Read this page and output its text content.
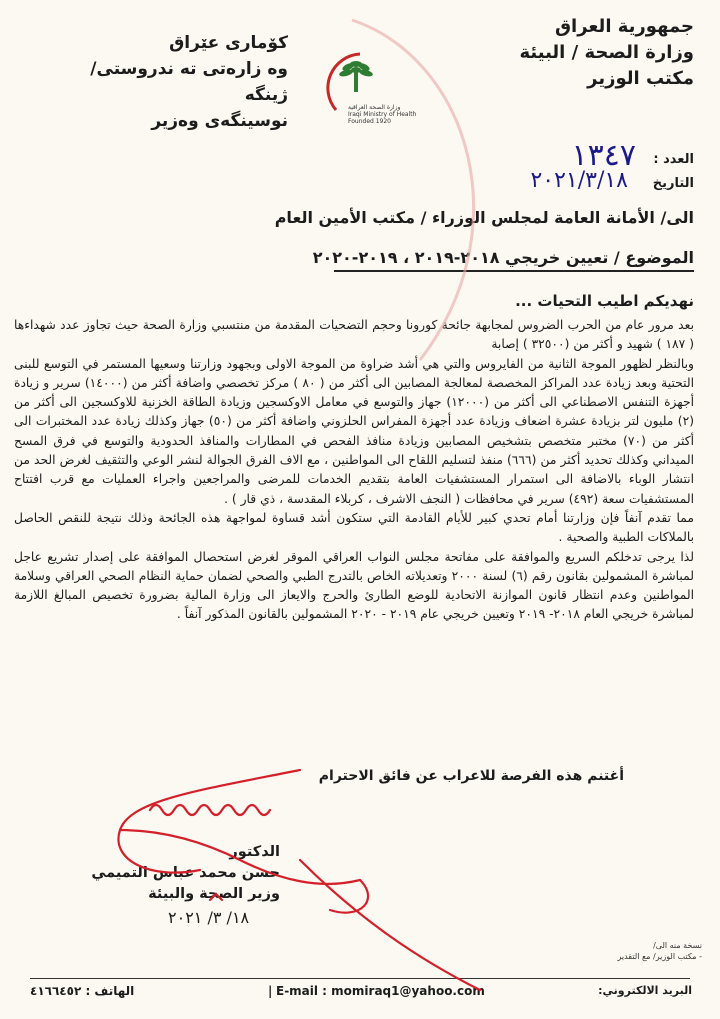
جمهورية العراق
وزارة الصحة / البيئة
مكتب الوزير
کۆماری عێراق
وه زارەتی ته ندروستی/ ژینگه
نوسینگەی وەزیر
وزارة الصحة العراقية
Iraqi Ministry of Health
Founded 1920
العدد :
١٣٤٧
التاريخ
٢٠٢١/٣/١٨
الى/ الأمانة العامة لمجلس الوزراء / مكتب الأمين العام
الموضوع / تعيين خريجي ٢٠١٨-٢٠١٩ ، ٢٠١٩-٢٠٢٠
نهديكم اطيب التحيات ...

بعد مرور عام من الحرب الضروس لمجابهة جائحة كورونا وحجم التضحيات المقدمة من منتسبي وزارة الصحة حيث تجاوز عدد شهداءها ( ١٨٧ ) شهيد و أكثر من (٣٢٥٠٠ ) إصابة

وبالنظر لظهور الموجة الثانية من الفايروس والتي هي أشد ضراوة من الموجة الاولى وبجهود وزارتنا وسعيها المستمر في التوسع للبنى التحتية وبعد زيادة عدد المراكز المخصصة لمعالجة المصابين الى أكثر من ( ٨٠ ) مركز تخصصي واضافة أكثر من (١٤٠٠٠) سرير و زيادة أجهزة التنفس الاصطناعي الى أكثر من (١٢٠٠٠) جهاز والتوسع في معامل الاوكسجين وزيادة الطاقة الخزنية للاوكسجين الى أكثر من (٢) مليون لتر بزيادة عشرة اضعاف وزيادة عدد أجهزة المفراس الحلزوني واضافة أكثر من (٥٠) جهاز وكذلك زيادة عدد المختبرات الى أكثر من (٧٠) مختبر متخصص بتشخيص المصابين وزيادة منافذ الفحص في المطارات والمنافذ الحدودية والتوسع في فرق المسح الميداني وكذلك تحديد أكثر من (٦٦٦) منفذ لتسليم اللقاح الى المواطنين ، مع الاف الفرق الجوالة لنشر الوعي والتثقيف لغرض الحد من انتشار الوباء بالاضافة الى استمرار المستشفيات العامة بتقديم الخدمات للمرضى والمراجعين واجراء العمليات مع قرب افتتاح المستشفيات سعة (٤٩٢) سرير في محافظات ( النجف الاشرف ، كربلاء المقدسة ، ذي قار ) .

مما تقدم آنفاً فإن وزارتنا أمام تحدي كبير للأيام القادمة التي ستكون أشد قساوة لمواجهة هذه الجائحة وذلك نتيجة للنقص الحاصل بالملاكات الطبية والصحية .

لذا يرجى تدخلكم السريع والموافقة على مفاتحة مجلس النواب العراقي الموقر لغرض استحصال الموافقة على إصدار تشريع عاجل لمباشرة المشمولين بقانون رقم (٦) لسنة ٢٠٠٠ وتعديلاته الخاص بالتدرج الطبي والصحي لضمان حماية النظام الصحي العراقي وسلامة المواطنين وعدم انتظار قانون الموازنة الاتحادية للوضع الطارئ والحرج والايعاز الى وزارة المالية بضرورة تخصيص المبالغ اللازمة لمباشرة خريجي العام ٢٠١٨- ٢٠١٩ وتعيين خريجي عام ٢٠١٩ - ٢٠٢٠ المشمولين بالقانون المذكور آنفاً .

أغتنم هذه الفرصة للاعراب عن فائق الاحترام
الدكتور
حسن محمد عباس التميمي
وزير الصحة والبيئة
١٨/ ٣/ ٢٠٢١
نسخة منه الى/
- مكتب الوزير/ مع التقدير
الهاتف : ٤١٦٦٤٥٢	| E-mail : momiraq1@yahoo.com	البريد الالكتروني:
